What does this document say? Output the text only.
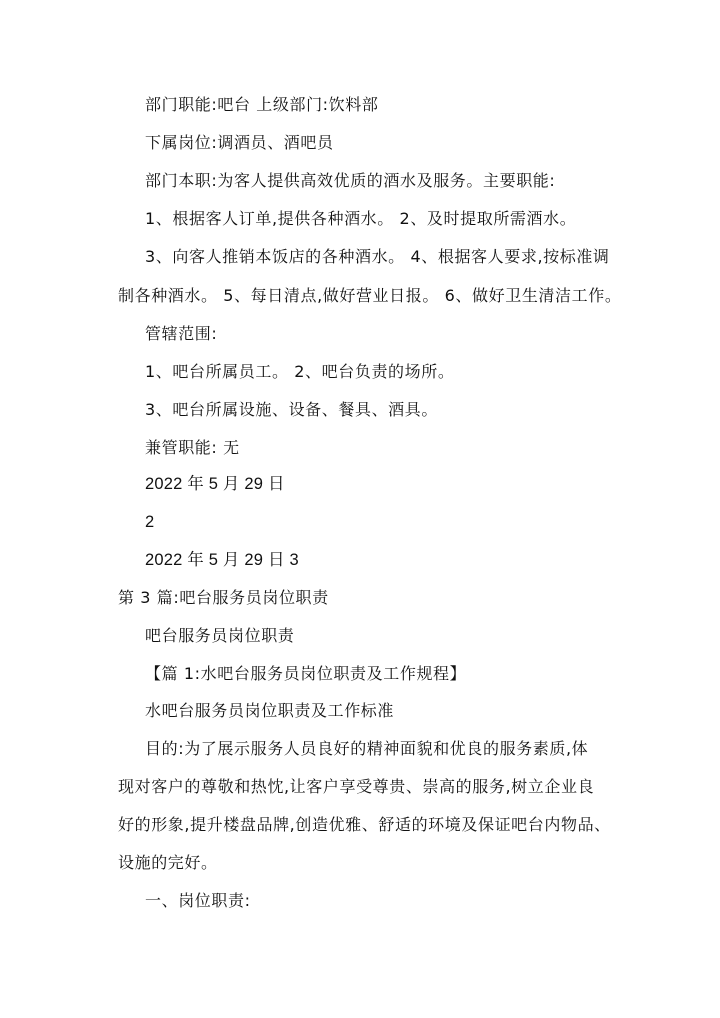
部门职能:吧台 上级部门:饮料部

下属岗位:调酒员、酒吧员

部门本职:为客人提供高效优质的酒水及服务。主要职能:

1、根据客人订单,提供各种酒水。 2、及时提取所需酒水。

3、向客人推销本饭店的各种酒水。 4、根据客人要求,按标准调

制各种酒水。 5、每日清点,做好营业日报。 6、做好卫生清洁工作。

管辖范围:

1、吧台所属员工。 2、吧台负责的场所。

3、吧台所属设施、设备、餐具、酒具。

兼管职能: 无

2022 年 5 月 29 日

2

2022 年 5 月 29 日 3

第 3 篇:吧台服务员岗位职责

吧台服务员岗位职责

【篇 1:水吧台服务员岗位职责及工作规程】

水吧台服务员岗位职责及工作标准

目的:为了展示服务人员良好的精神面貌和优良的服务素质,体

现对客户的尊敬和热忱,让客户享受尊贵、崇高的服务,树立企业良

好的形象,提升楼盘品牌,创造优雅、舒适的环境及保证吧台内物品、

设施的完好。

一、岗位职责:
